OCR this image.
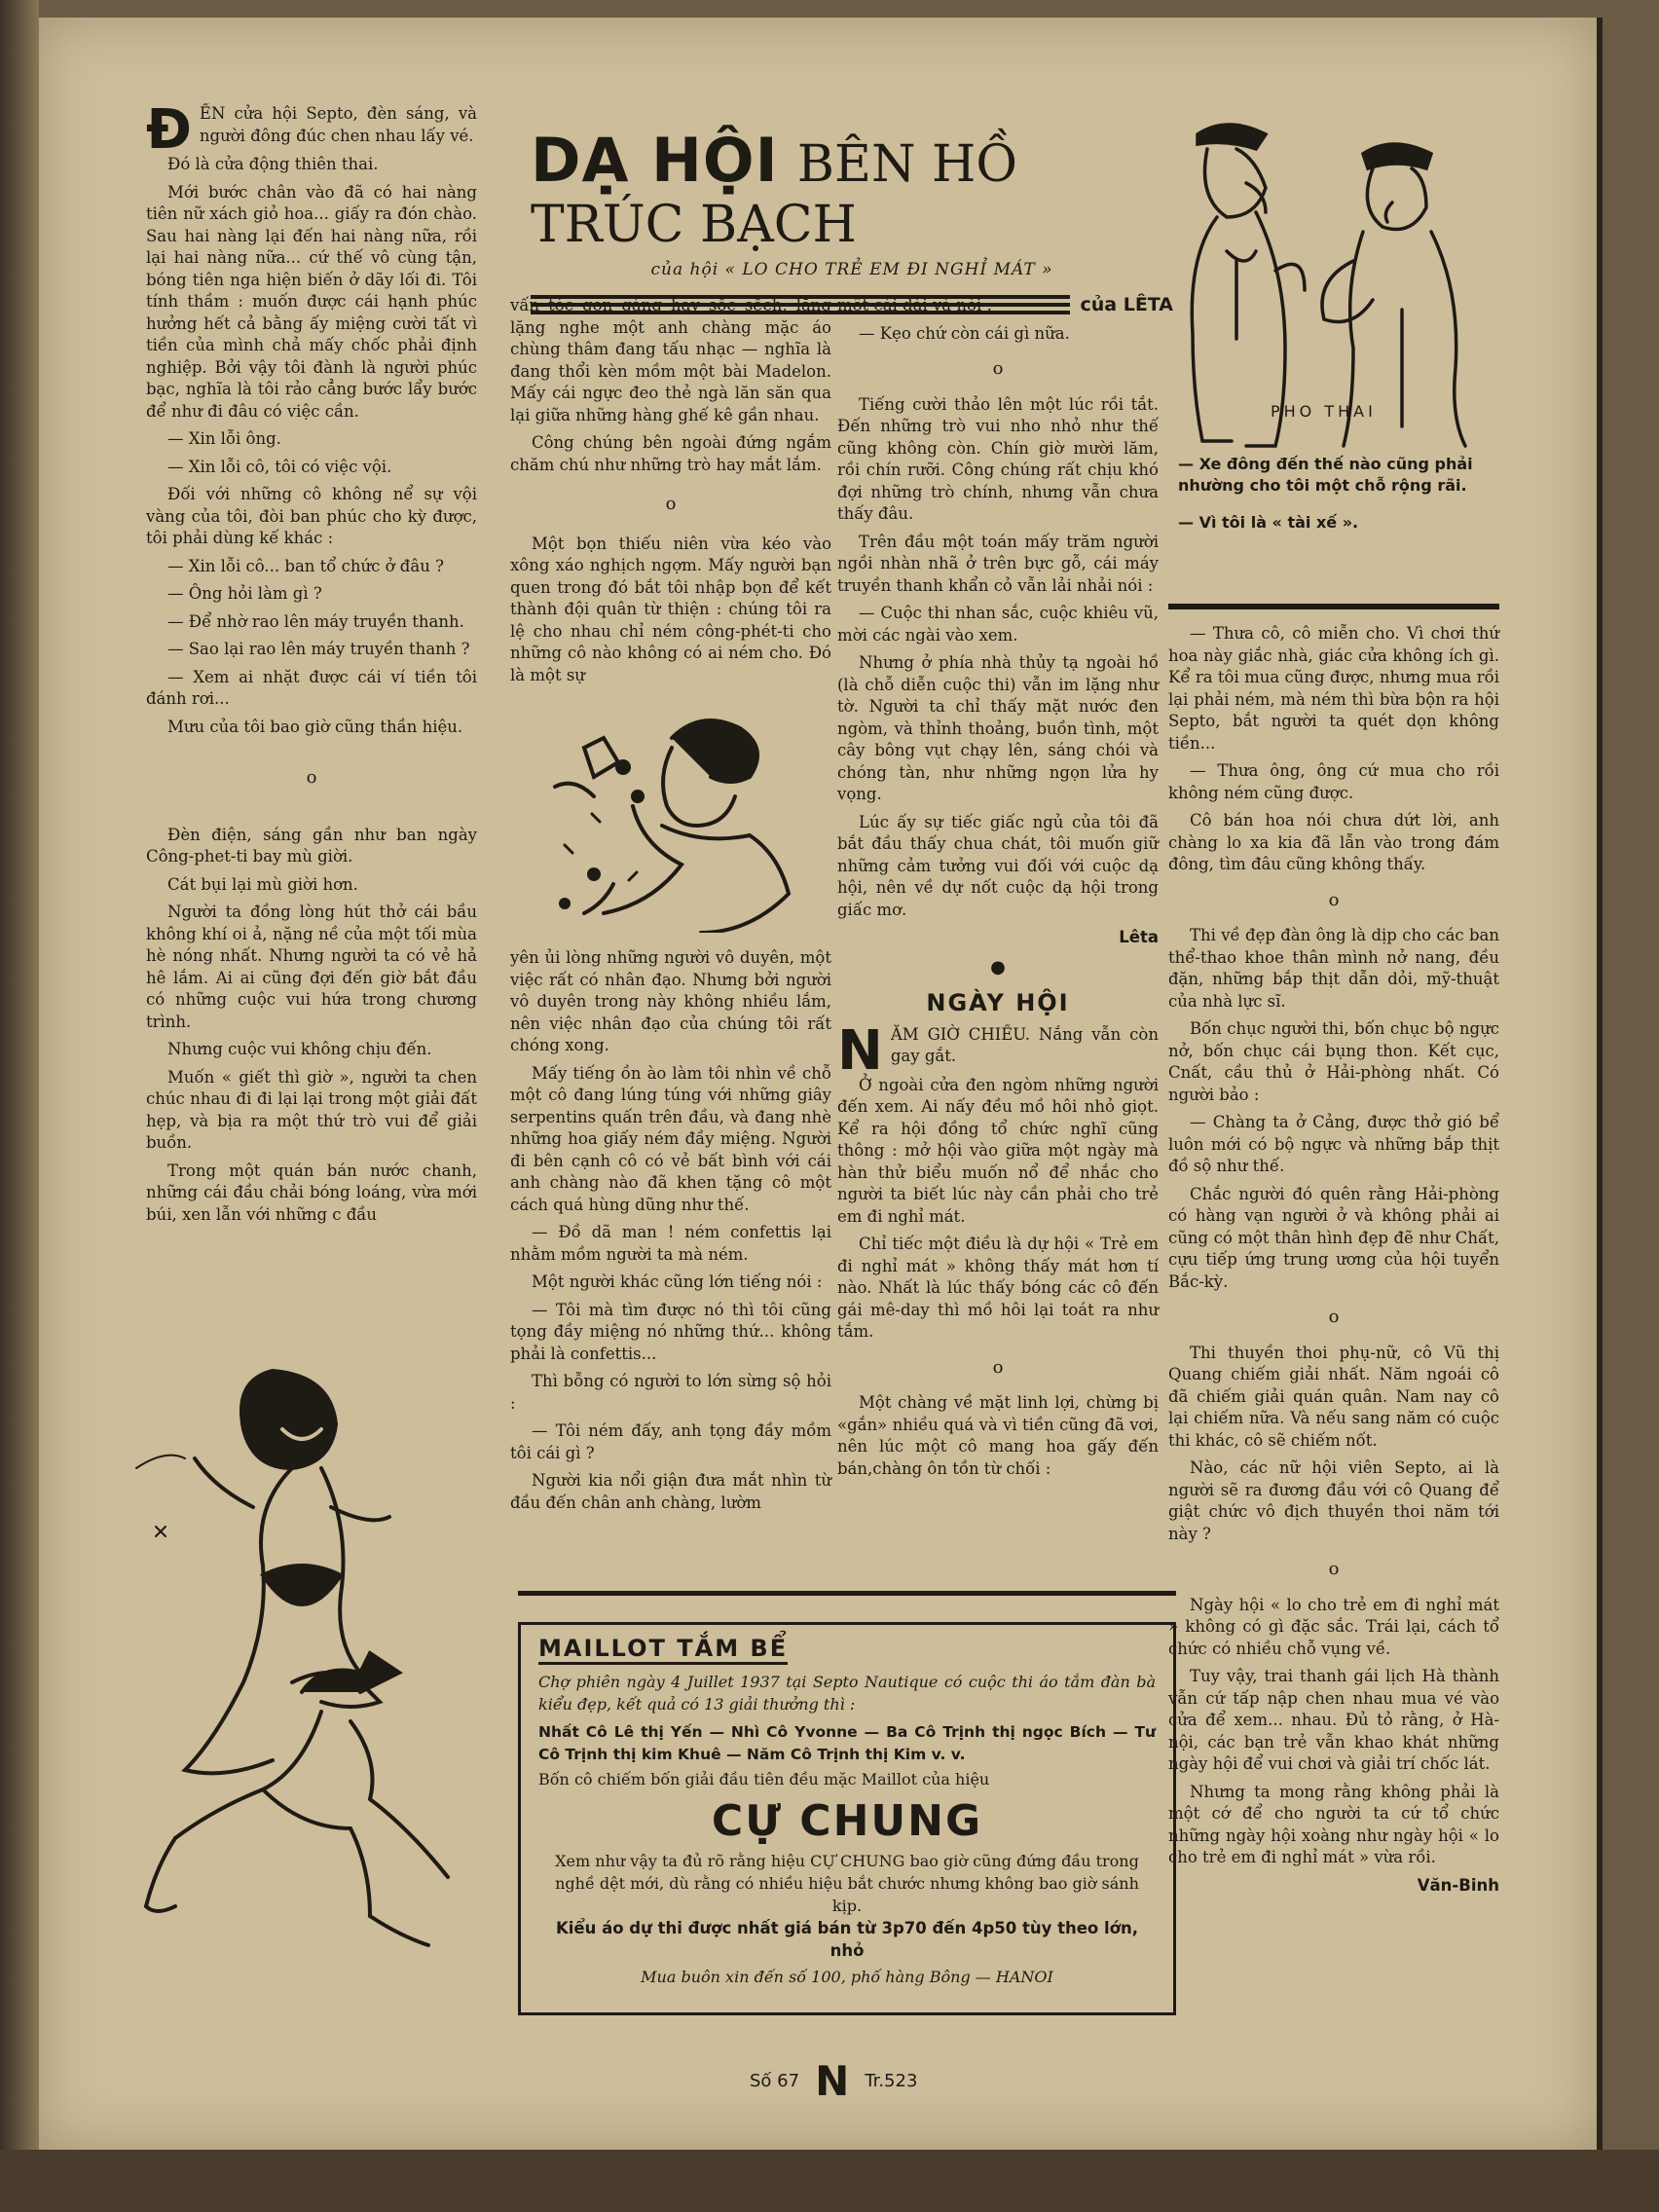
DẠ HỘI BÊN HỒ TRÚC BẠCH
của hội « LO CHO TRẺ EM ĐI NGHỈ MÁT »
của LÊTA
Đ ẾN cửa hội Septo, đèn sáng, và người đông đúc chen nhau lấy vé.

Đó là cửa động thiên thai.

Mới bước chân vào đã có hai nàng tiên nữ xách giỏ hoa... giấy ra đón chào. Sau hai nàng lại đến hai nàng nữa, rồi lại hai nàng nữa... cứ thế vô cùng tận, bóng tiên nga hiện biến ở dãy lối đi. Tôi tính thầm : muốn được cái hạnh phúc hưởng hết cả bằng ấy miệng cười tất vì tiền của mình chả mấy chốc phải định nghiệp. Bởi vậy tôi đành là người phúc bạc, nghĩa là tôi rảo cẳng bước lẩy bước để như đi đâu có việc cần.

— Xin lỗi ông.

— Xin lỗi cô, tôi có việc vội.

Đối với những cô không nể sự vội vàng của tôi, đòi ban phúc cho kỳ được, tôi phải dùng kế khác :

— Xin lỗi cô... ban tổ chức ở đâu ?

— Ông hỏi làm gì ?

— Để nhờ rao lên máy truyền thanh.

— Sao lại rao lên máy truyền thanh ?

— Xem ai nhặt được cái ví tiền tôi đánh rơi...

Mưu của tôi bao giờ cũng thần hiệu.

o

Đèn điện, sáng gần như ban ngày Công-phet-ti bay mù giời.

Cát bụi lại mù giời hơn.

Người ta đồng lòng hút thở cái bầu không khí oi ả, nặng nề của một tối mùa hè nóng nhất. Nhưng người ta có vẻ hả hê lắm. Ai ai cũng đợi đến giờ bắt đầu có những cuộc vui hứa trong chương trình.

Nhưng cuộc vui không chịu đến.

Muốn « giết thì giờ », người ta chen chúc nhau đi đi lại lại trong một giải đất hẹp, và bịa ra một thứ trò vui để giải buồn.

Trong một quán bán nước chanh, những cái đầu chải bóng loáng, vừa mới búi, xen lẫn với những c đầu

vấn tóc gọn gàng hay sốc sếch, lẳng lặng nghe một anh chàng mặc áo chùng thâm đang tấu nhạc — nghĩa là đang thổi kèn mồm một bài Madelon. Mấy cái ngực đeo thẻ ngà lăn săn qua lại giữa những hàng ghế kê gần nhau.

Công chúng bên ngoài đứng ngắm chăm chú như những trò hay mắt lắm.

o

Một bọn thiếu niên vừa kéo vào xông xáo nghịch ngợm. Mấy người bạn quen trong đó bắt tôi nhập bọn để kết thành đội quân từ thiện : chúng tôi ra lệ cho nhau chỉ ném công-phét-ti cho những cô nào không có ai ném cho. Đó là một sự

yên ủi lòng những người vô duyên, một việc rất có nhân đạo. Nhưng bởi người vô duyên trong này không nhiều lắm, nên việc nhân đạo của chúng tôi rất chóng xong.

Mấy tiếng ồn ào làm tôi nhìn về chỗ một cô đang lúng túng với những giây serpentins quấn trên đầu, và đang nhè những hoa giấy ném đầy miệng. Người đi bên cạnh cô có vẻ bất bình với cái anh chàng nào đã khen tặng cô một cách quá hùng dũng như thế.

— Đồ dã man ! ném confettis lại nhằm mồm người ta mà ném.

Một người khác cũng lớn tiếng nói :

— Tôi mà tìm được nó thì tôi cũng tọng đầy miệng nó những thứ... không phải là confettis...

Thì bỗng có người to lớn sừng sộ hỏi :

— Tôi ném đấy, anh tọng đầy mồm tôi cái gì ?

Người kia nổi giận đưa mắt nhìn từ đầu đến chân anh chàng, lườm

một cái dài và nói :

— Kẹo chứ còn cái gì nữa.

o

Tiếng cười thảo lên một lúc rồi tắt. Đến những trò vui nho nhỏ như thế cũng không còn. Chín giờ mười lăm, rồi chín rưỡi. Công chúng rất chịu khó đợi những trò chính, nhưng vẫn chưa thấy đâu.

Trên đầu một toán mấy trăm người ngồi nhàn nhã ở trên bực gỗ, cái máy truyền thanh khẩn cỏ vẫn lải nhải nói :

— Cuộc thi nhan sắc, cuộc khiêu vũ, mời các ngài vào xem.

Nhưng ở phía nhà thủy tạ ngoài hồ (là chỗ diễn cuộc thi) vẫn im lặng như tờ. Người ta chỉ thấy mặt nước đen ngòm, và thỉnh thoảng, buồn tình, một cây bông vụt chạy lên, sáng chói và chóng tàn, như những ngọn lửa hy vọng.

Lúc ấy sự tiếc giấc ngủ của tôi đã bắt đầu thấy chua chát, tôi muốn giữ những cảm tưởng vui đối với cuộc dạ hội, nên về dự nốt cuộc dạ hội trong giấc mơ.

Lêta
●
NGÀY HỘI
N ĂM GIỜ CHIỀU. Nắng vẫn còn gay gắt.

Ở ngoài cửa đen ngòm những người đến xem. Ai nấy đều mồ hôi nhỏ giọt. Kể ra hội đồng tổ chức nghĩ cũng thông : mở hội vào giữa một ngày mà hàn thử biểu muốn nổ để nhắc cho người ta biết lúc này cần phải cho trẻ em đi nghỉ mát.

Chỉ tiếc một điều là dự hội « Trẻ em đi nghỉ mát » không thấy mát hơn tí nào. Nhất là lúc thấy bóng các cô đến gái mê-day thì mồ hôi lại toát ra như tắm.

o

Một chàng về mặt linh lợi, chừng bị «gắn» nhiều quá và vì tiền cũng đã vơi, nên lúc một cô mang hoa gấy đến bán,chàng ôn tồn từ chối :

— Xe đông đến thế nào cũng phải nhường cho tôi một chỗ rộng rãi.
— Vì tôi là « tài xế ».
PHO THAI

— Thưa cô, cô miễn cho. Vì chơi thứ hoa này giắc nhà, giác cửa không ích gì. Kể ra tôi mua cũng được, nhưng mua rồi lại phải ném, mà ném thì bừa bộn ra hội Septo, bắt người ta quét dọn không tiền...

— Thưa ông, ông cứ mua cho rồi không ném cũng được.

Cô bán hoa nói chưa dứt lời, anh chàng lo xa kia đã lẫn vào trong đám đông, tìm đâu cũng không thấy.

o

Thi về đẹp đàn ông là dịp cho các ban thể-thao khoe thân mình nở nang, đều đặn, những bắp thịt dẫn dỏi, mỹ-thuật của nhà lực sĩ.

Bốn chục người thi, bốn chục bộ ngực nở, bốn chục cái bụng thon. Kết cục, Cnất, cầu thủ ở Hải-phòng nhất. Có người bảo :

— Chàng ta ở Cảng, được thở gió bể luôn mới có bộ ngực và những bắp thịt đồ sộ như thế.

Chắc người đó quên rằng Hải-phòng có hàng vạn người ở và không phải ai cũng có một thân hình đẹp đẽ như Chất, cựu tiếp ứng trung ương của hội tuyển Bắc-kỳ.

o

Thi thuyền thoi phụ-nữ, cô Vũ thị Quang chiếm giải nhất. Năm ngoái cô đã chiếm giải quán quân. Nam nay cô lại chiếm nữa. Và nếu sang năm có cuộc thi khác, cô sẽ chiếm nốt.

Nào, các nữ hội viên Septo, ai là người sẽ ra đương đầu với cô Quang để giật chức vô địch thuyền thoi năm tới này ?

o

Ngày hội « lo cho trẻ em đi nghỉ mát » không có gì đặc sắc. Trái lại, cách tổ chức có nhiều chỗ vụng về.

Tuy vậy, trai thanh gái lịch Hà thành vẫn cứ tấp nập chen nhau mua vé vào cửa để xem... nhau. Đủ tỏ rằng, ở Hà-nội, các bạn trẻ vẫn khao khát những ngày hội để vui chơi và giải trí chốc lát.

Nhưng ta mong rằng không phải là một cớ để cho người ta cứ tổ chức những ngày hội xoàng như ngày hội « lo cho trẻ em đi nghỉ mát » vừa rồi.

Văn-Binh
MAILLOT TẮM BỂ
Chợ phiên ngày 4 Juillet 1937 tại Septo Nautique có cuộc thi áo tắm đàn bà kiểu đẹp, kết quả có 13 giải thưởng thì :
Nhất Cô Lê thị Yến — Nhì Cô Yvonne — Ba Cô Trịnh thị ngọc Bích — Tư Cô Trịnh thị kim Khuê — Năm Cô Trịnh thị Kim v. v.
Bốn cô chiếm bốn giải đầu tiên đều mặc Maillot của hiệu
CỰ CHUNG
Xem như vậy ta đủ rõ rằng hiệu CỰ CHUNG bao giờ cũng đứng đầu trong nghề dệt mới, dù rằng có nhiều hiệu bắt chước nhưng không bao giờ sánh kịp.
Kiểu áo dự thi được nhất giá bán từ 3p70 đến 4p50 tùy theo lớn, nhỏ
Mua buôn xin đến số 100, phố hàng Bông — HANOI
Số 67 N Tr.523
